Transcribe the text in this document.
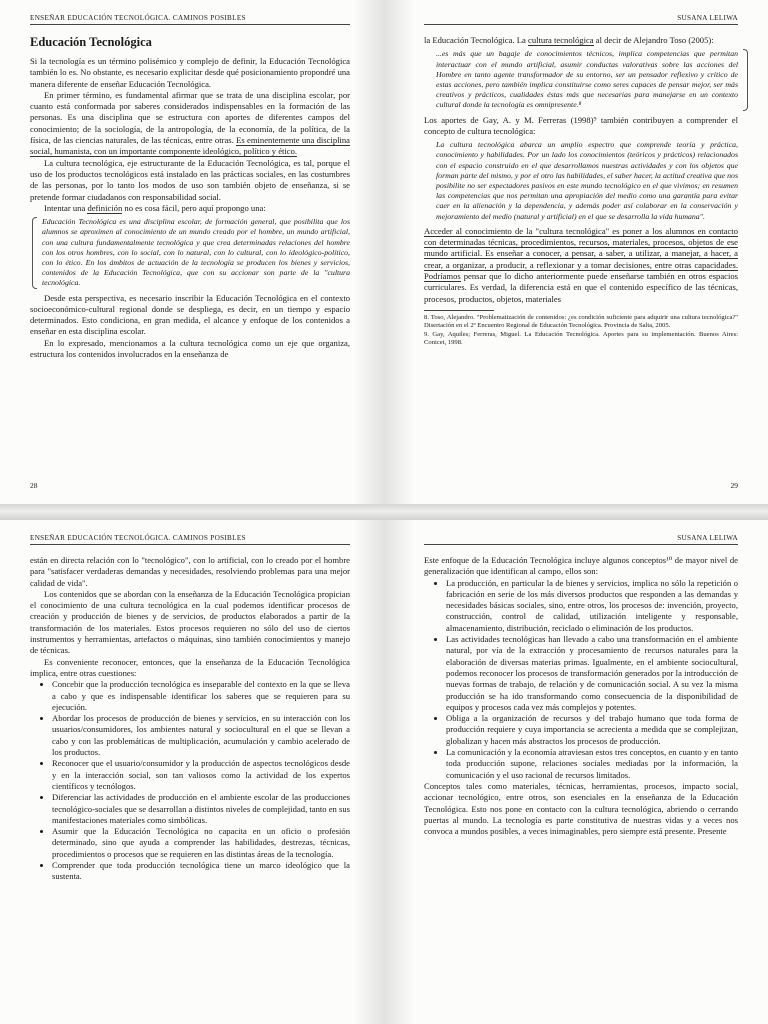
ENSEÑAR EDUCACIÓN TECNOLÓGICA. CAMINOS POSIBLES
Educación Tecnológica

Si la tecnología es un término polisémico y complejo de definir, la Educación Tecnológica también lo es. No obstante, es necesario explicitar desde qué posicionamiento propondré una manera diferente de enseñar Educación Tecnológica.

En primer término, es fundamental afirmar que se trata de una disciplina escolar, por cuanto está conformada por saberes considerados indispensables en la formación de las personas. Es una disciplina que se estructura con aportes de diferentes campos del conocimiento; de la sociología, de la antropología, de la economía, de la política, de la física, de las ciencias naturales, de las técnicas, entre otras. Es eminentemente una disciplina social, humanista, con un importante componente ideológico, político y ético.

La cultura tecnológica, eje estructurante de la Educación Tecnológica, es tal, porque el uso de los productos tecnológicos está instalado en las prácticas sociales, en las costumbres de las personas, por lo tanto los modos de uso son también objeto de enseñanza, si se pretende formar ciudadanos con responsabilidad social.

Intentar una definición no es cosa fácil, pero aquí propongo una:

Educación Tecnológica es una disciplina escolar, de formación general, que posibilita que los alumnos se aproximen al conocimiento de un mundo creado por el hombre, un mundo artificial, con una cultura fundamentalmente tecnológica y que crea determinadas relaciones del hombre con los otros hombres, con lo social, con lo natural, con lo cultural, con lo ideológico-político, con lo ético. En los ámbitos de actuación de la tecnología se producen los bienes y servicios, contenidos de la Educación Tecnológica, que con su accionar son parte de la "cultura tecnológica.

Desde esta perspectiva, es necesario inscribir la Educación Tecnológica en el contexto socioeconómico-cultural regional donde se despliega, es decir, en un tiempo y espacio determinados. Esto condiciona, en gran medida, el alcance y enfoque de los contenidos a enseñar en esta disciplina escolar.

En lo expresado, mencionamos a la cultura tecnológica como un eje que organiza, estructura los contenidos involucrados en la enseñanza de

28
SUSANA LELIWA

la Educación Tecnológica. La cultura tecnológica al decir de Alejandro Toso (2005):

...es más que un bagaje de conocimientos técnicos, implica competencias que permitan interactuar con el mundo artificial, asumir conductas valorativas sobre las acciones del Hombre en tanto agente transformador de su entorno, ser un pensador reflexivo y crítico de estas acciones, pero también implica constituirse como seres capaces de pensar mejor, ser más creativos y prácticos, cualidades éstas más que necesarias para manejarse en un contexto cultural donde la tecnología es omnipresente.⁸

Los aportes de Gay, A. y M. Ferreras (1998)⁹ también contribuyen a comprender el concepto de cultura tecnológica:

La cultura tecnológica abarca un amplio espectro que comprende teoría y práctica, conocimiento y habilidades. Por un lado los conocimientos (teóricos y prácticos) relacionados con el espacio construido en el que desarrollamos nuestras actividades y con los objetos que forman parte del mismo, y por el otro las habilidades, el saber hacer, la actitud creativa que nos posibilite no ser espectadores pasivos en este mundo tecnológico en el que vivimos; en resumen las competencias que nos permitan una apropiación del medio como una garantía para evitar caer en la alienación y la dependencia, y además poder así colaborar en la conservación y mejoramiento del medio (natural y artificial) en el que se desarrolla la vida humana".

Acceder al conocimiento de la "cultura tecnológica" es poner a los alumnos en contacto con determinadas técnicas, procedimientos, recursos, materiales, procesos, objetos de ese mundo artificial. Es enseñar a conocer, a pensar, a saber, a utilizar, a manejar, a hacer, a crear, a organizar, a producir, a reflexionar y a tomar decisiones, entre otras capacidades. Podríamos pensar que lo dicho anteriormente puede enseñarse también en otros espacios curriculares. Es verdad, la diferencia está en que el contenido específico de las técnicas, procesos, productos, objetos, materiales

8. Toso, Alejandro. "Problematización de contenidos: ¿es condición suficiente para adquirir una cultura tecnológica?" Disertación en el 2º Encuentro Regional de Educación Tecnológica. Provincia de Salta, 2005.

9. Gay, Aquiles; Ferreras, Miguel. La Educación Tecnológica. Aportes para su implementación. Buenos Aires: Conicet, 1998.

29
ENSEÑAR EDUCACIÓN TECNOLÓGICA. CAMINOS POSIBLES

están en directa relación con lo "tecnológico", con lo artificial, con lo creado por el hombre para "satisfacer verdaderas demandas y necesidades, resolviendo problemas para una mejor calidad de vida".

Los contenidos que se abordan con la enseñanza de la Educación Tecnológica propician el conocimiento de una cultura tecnológica en la cual podemos identificar procesos de creación y producción de bienes y de servicios, de productos elaborados a partir de la transformación de los materiales. Estos procesos requieren no sólo del uso de ciertos instrumentos y herramientas, artefactos o máquinas, sino también conocimientos y manejo de técnicas.

Es conveniente reconocer, entonces, que la enseñanza de la Educación Tecnológica implica, entre otras cuestiones:

• Concebir que la producción tecnológica es inseparable del contexto en la que se lleva a cabo y que es indispensable identificar los saberes que se requieren para su ejecución.
• Abordar los procesos de producción de bienes y servicios, en su interacción con los usuarios/consumidores, los ambientes natural y sociocultural en el que se llevan a cabo y con las problemáticas de multiplicación, acumulación y cambio acelerado de los productos.
• Reconocer que el usuario/consumidor y la producción de aspectos tecnológicos desde y en la interacción social, son tan valiosos como la actividad de los expertos científicos y tecnólogos.
• Diferenciar las actividades de producción en el ambiente escolar de las producciones tecnológico-sociales que se desarrollan a distintos niveles de complejidad, tanto en sus manifestaciones materiales como simbólicas.
• Asumir que la Educación Tecnológica no capacita en un oficio o profesión determinado, sino que ayuda a comprender las habilidades, destrezas, técnicas, procedimientos o procesos que se requieren en las distintas áreas de la tecnología.
• Comprender que toda producción tecnológica tiene un marco ideológico que la sustenta.
SUSANA LELIWA

Este enfoque de la Educación Tecnológica incluye algunos conceptos¹⁰ de mayor nivel de generalización que identifican al campo, ellos son:

• La producción, en particular la de bienes y servicios, implica no sólo la repetición o fabricación en serie de los más diversos productos que responden a las demandas y necesidades básicas sociales, sino, entre otros, los procesos de: invención, proyecto, construcción, control de calidad, utilización inteligente y responsable, almacenamiento, distribución, reciclado o eliminación de los productos.
• Las actividades tecnológicas han llevado a cabo una transformación en el ambiente natural, por vía de la extracción y procesamiento de recursos naturales para la elaboración de diversas materias primas. Igualmente, en el ambiente sociocultural, podemos reconocer los procesos de transformación generados por la introducción de nuevas formas de trabajo, de relación y de comunicación social. A su vez la misma producción se ha ido transformando como consecuencia de la disponibilidad de equipos y procesos cada vez más complejos y potentes.
• Obliga a la organización de recursos y del trabajo humano que toda forma de producción requiere y cuya importancia se acrecienta a medida que se complejizan, globalizan y hacen más abstractos los procesos de producción.
• La comunicación y la economía atraviesan estos tres conceptos, en cuanto y en tanto toda producción supone, relaciones sociales mediadas por la información, la comunicación y el uso racional de recursos limitados.

Conceptos tales como materiales, técnicas, herramientas, procesos, impacto social, accionar tecnológico, entre otros, son esenciales en la enseñanza de la Educación Tecnológica. Esto nos pone en contacto con la cultura tecnológica, abriendo o cerrando puertas al mundo. La tecnología es parte constitutiva de nuestras vidas y a veces nos convoca a mundos posibles, a veces inimaginables, pero siempre está presente. Presente
